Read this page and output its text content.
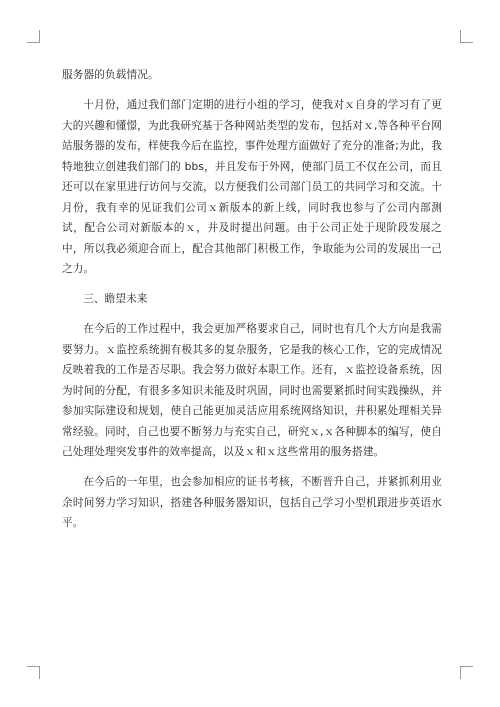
服务器的负载情况。

十月份，通过我们部门定期的进行小组的学习，使我对ｘ自身的学习有了更大的兴趣和懂憬，为此我研究基于各种网站类型的发布，包括对ｘ,等各种平台网站服务器的发布，样使我今后在监控，事件处理方面做好了充分的准备;为此，我特地独立创建我们部门的 bbs，并且发布于外网，使部门员工不仅在公司，而且还可以在家里进行访问与交流，以方便我们公司部门员工的共同学习和交流。十月份，我有幸的见证我们公司ｘ新版本的新上线，同时我也参与了公司内部测试，配合公司对新版本的ｘ，并及时提出问题。由于公司正处于现阶段发展之中，所以我必须迎合而上，配合其他部门积极工作，争取能为公司的发展出一己之力。

三、瞻望未来

在今后的工作过程中，我会更加严格要求自己，同时也有几个大方向是我需要努力。ｘ监控系统拥有极其多的复杂服务，它是我的核心工作，它的完成情况反映着我的工作是否尽职。我会努力做好本职工作。还有，ｘ监控设备系统，因为时间的分配，有很多多知识未能及时巩固，同时也需要紧抓时间实践操纵，并参加实际建设和规划，使自己能更加灵活应用系统网络知识，并积累处理相关异常经验。同时，自己也要不断努力与充实自己，研究ｘ,ｘ各种脚本的编写，使自己处理处理突发事件的效率提高，以及ｘ和ｘ这些常用的服务搭建。

在今后的一年里，也会参加相应的证书考核，不断晋升自己，并紧抓利用业余时间努力学习知识，搭建各种服务器知识，包括自己学习小型机跟进步英语水平。
